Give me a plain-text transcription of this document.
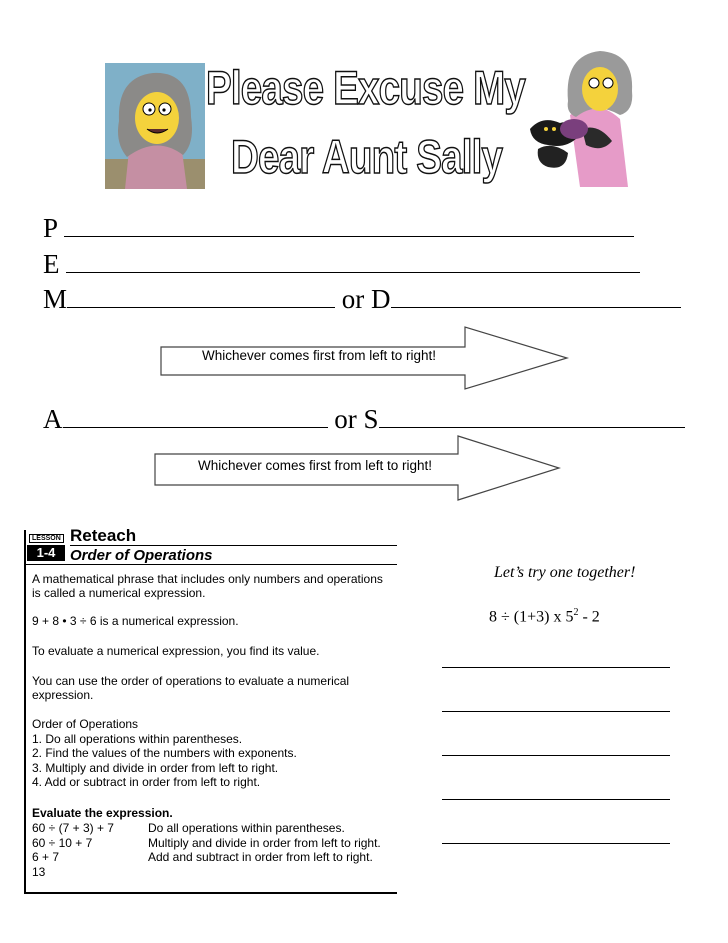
Please Excuse My
Dear Aunt Sally
P
E
M	or D
Whichever comes first from left to right!
A	or S
Whichever comes first from left to right!
LESSON
1-4
Reteach
Order of Operations
A mathematical phrase that includes only numbers and operations
is called a numerical expression.
9 + 8 • 3 ÷ 6 is a numerical expression.
To evaluate a numerical expression, you find its value.
You can use the order of operations to evaluate a numerical
expression.
Order of Operations
1. Do all operations within parentheses.
2. Find the values of the numbers with exponents.
3. Multiply and divide in order from left to right.
4. Add or subtract in order from left to right.
Evaluate the expression.
60 ÷ (7 + 3) + 7	Do all operations within parentheses.
60 ÷ 10 + 7	Multiply and divide in order from left to right.
6 + 7	Add and subtract in order from left to right.
13
Let’s try one together!
8 ÷ (1+3) x $5^2 - 2$
